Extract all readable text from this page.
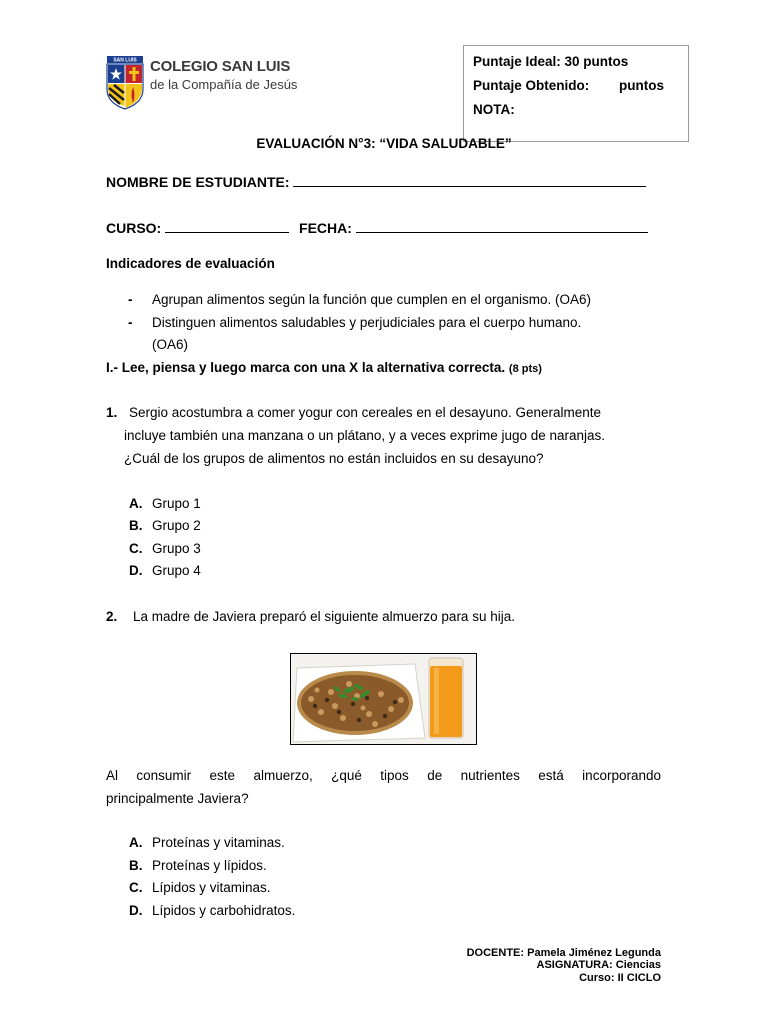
SAN LUIS COLEGIO SAN LUIS
de la Compañía de Jesús
Puntaje Ideal: 30 puntos
Puntaje Obtenido: puntos
NOTA:
EVALUACIÓN N°3: “VIDA SALUDABLE”
NOMBRE DE ESTUDIANTE:
CURSO:	FECHA:
Indicadores de evaluación
- Agrupan alimentos según la función que cumplen en el organismo. (OA6)
- Distinguen alimentos saludables y perjudiciales para el cuerpo humano.
(OA6)
I.- Lee, piensa y luego marca con una X la alternativa correcta. (8 pts)
1. Sergio acostumbra a comer yogur con cereales en el desayuno. Generalmente
incluye también una manzana o un plátano, y a veces exprime jugo de naranjas.
¿Cuál de los grupos de alimentos no están incluidos en su desayuno?
A. Grupo 1
B. Grupo 2
C. Grupo 3
D. Grupo 4
2. La madre de Javiera preparó el siguiente almuerzo para su hija.
Al consumir este almuerzo, ¿qué tipos de nutrientes está incorporando
principalmente Javiera?
A. Proteínas y vitaminas.
B. Proteínas y lípidos.
C. Lípidos y vitaminas.
D. Lípidos y carbohidratos.
DOCENTE: Pamela Jiménez Legunda
ASIGNATURA: Ciencias
Curso: II CICLO
